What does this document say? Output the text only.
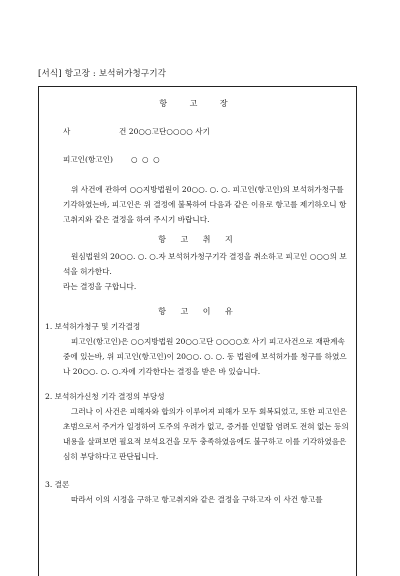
[서식] 항고장 : 보석허가청구기각
항 고 장
사	건 20○○고단○○○○ 사기
피고인(항고인) ○ ○ ○
위 사건에 관하여 ○○지방법원이 20○○. ○. ○. 피고인(항고인)의 보석허가청구를 기각하였는바, 피고인은 위 결정에 불복하여 다음과 같은 이유로 항고를 제기하오니 항고취지와 같은 결정을 하여 주시기 바랍니다.
항 고 취 지
원심법원의 20○○. ○. ○.자 보석허가청구기각 결정을 취소하고 피고인 ○○○의 보석을 허가한다.
라는 결정을 구합니다.
항 고 이 유
1. 보석허가청구 및 기각결정
피고인(항고인)은 ○○지방법원 20○○고단 ○○○○호 사기 피고사건으로 재판계속 중에 있는바, 위 피고인(항고인)이 20○○. ○. ○. 동 법원에 보석허가를 청구를 하였으나 20○○. ○. ○.자에 기각한다는 결정을 받은 바 있습니다.
2. 보석허가신청 기각 결정의 부당성
그러나 이 사건은 피해자와 합의가 이루어져 피해가 모두 회복되었고, 또한 피고인은 초범으로서 주거가 일정하여 도주의 우려가 없고, 증거를 인멸할 염려도 전혀 없는 등의 내용을 살펴보면 필요적 보석요건을 모두 충족하였음에도 불구하고 이를 기각하였음은 심히 부당하다고 판단됩니다.
3. 결론
따라서 이의 시정을 구하고 항고취지와 같은 결정을 구하고자 이 사건 항고를
